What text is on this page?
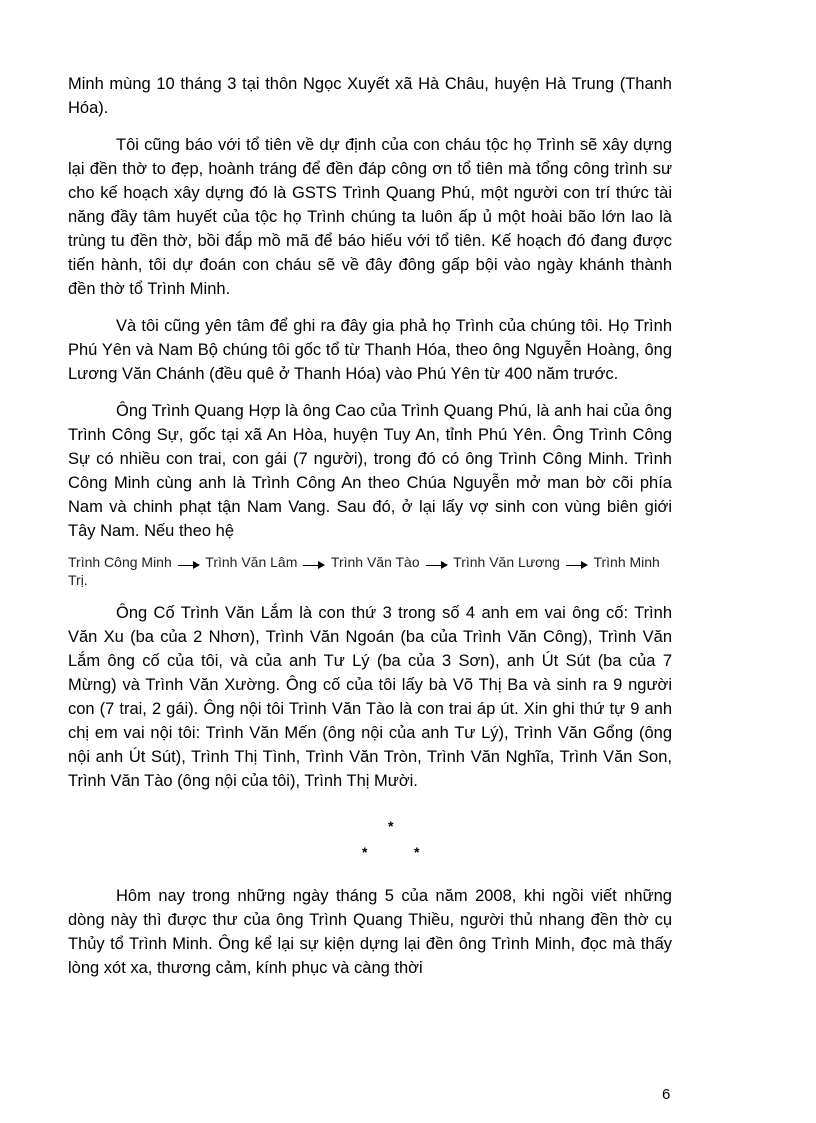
Minh mùng 10 tháng 3 tại thôn Ngọc Xuyết xã Hà Châu, huyện Hà Trung (Thanh Hóa).

Tôi cũng báo với tổ tiên về dự định của con cháu tộc họ Trình sẽ xây dựng lại đền thờ to đẹp, hoành tráng để đền đáp công ơn tổ tiên mà tổng công trình sư cho kế hoạch xây dựng đó là GSTS Trình Quang Phú, một người con trí thức tài năng đầy tâm huyết của tộc họ Trình chúng ta luôn ấp ủ một hoài bão lớn lao là trùng tu đền thờ, bồi đắp mồ mã để báo hiếu với tổ tiên. Kế hoạch đó đang được tiến hành, tôi dự đoán con cháu sẽ về đây đông gấp bội vào ngày khánh thành đền thờ tổ Trình Minh.

Và tôi cũng yên tâm để ghi ra đây gia phả họ Trình của chúng tôi. Họ Trình Phú Yên và Nam Bộ chúng tôi gốc tổ từ Thanh Hóa, theo ông Nguyễn Hoàng, ông Lương Văn Chánh (đều quê ở Thanh Hóa) vào Phú Yên từ 400 năm trước.

Ông Trình Quang Hợp là ông Cao của Trình Quang Phú, là anh hai của ông Trình Công Sự, gốc tại xã An Hòa, huyện Tuy An, tỉnh Phú Yên. Ông Trình Công Sự có nhiều con trai, con gái (7 người), trong đó có ông Trình Công Minh. Trình Công Minh cùng anh là Trình Công An theo Chúa Nguyễn mở man bờ cõi phía Nam và chinh phạt tận Nam Vang. Sau đó, ở lại lấy vợ sinh con vùng biên giới Tây Nam. Nếu theo hệ

Trình Công Minh Trình Văn Lâm Trình Văn Tào Trình Văn Lương Trình Minh Trị.

Ông Cố Trình Văn Lắm là con thứ 3 trong số 4 anh em vai ông cố: Trình Văn Xu (ba của 2 Nhơn), Trình Văn Ngoán (ba của Trình Văn Công), Trình Văn Lắm ông cố của tôi, và của anh Tư Lý (ba của 3 Sơn), anh Út Sút (ba của 7 Mừng) và Trình Văn Xường. Ông cố của tôi lấy bà Võ Thị Ba và sinh ra 9 người con (7 trai, 2 gái). Ông nội tôi Trình Văn Tào là con trai áp út. Xin ghi thứ tự 9 anh chị em vai nội tôi: Trình Văn Mến (ông nội của anh Tư Lý), Trình Văn Gổng (ông nội anh Út Sút), Trình Thị Tình, Trình Văn Tròn, Trình Văn Nghĩa, Trình Văn Son, Trình Văn Tào (ông nội của tôi), Trình Thị Mười.

*
*	*

Hôm nay trong những ngày tháng 5 của năm 2008, khi ngồi viết những dòng này thì được thư của ông Trình Quang Thiều, người thủ nhang đền thờ cụ Thủy tổ Trình Minh. Ông kể lại sự kiện dựng lại đền ông Trình Minh, đọc mà thấy lòng xót xa, thương cảm, kính phục và càng thời

6
